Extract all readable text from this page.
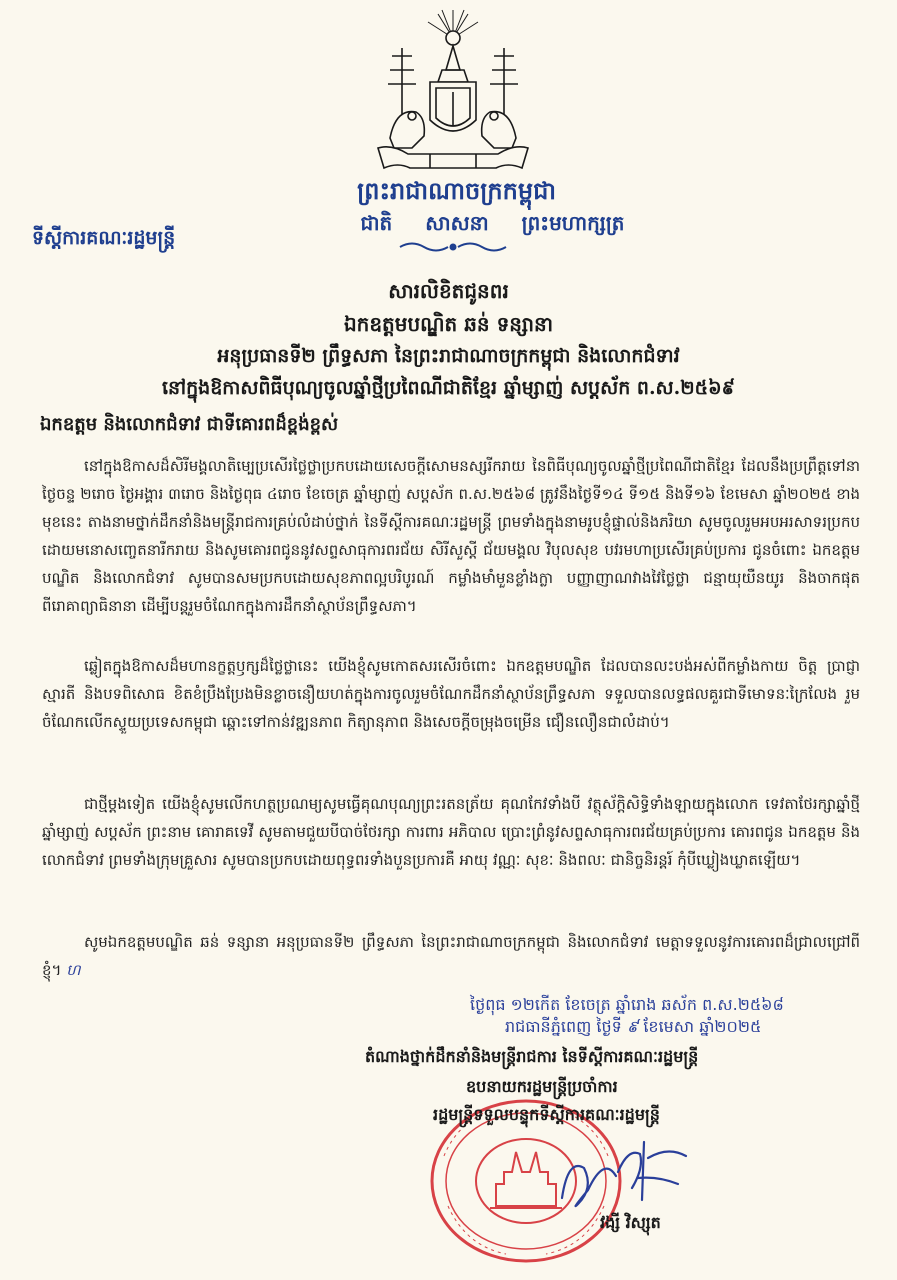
ព្រះរាជាណាចក្រកម្ពុជា
ជាតិ សាសនា ព្រះមហាក្សត្រ
ទីស្តីការគណៈរដ្ឋមន្ត្រី
សារលិខិតជូនពរ
ឯកឧត្តមបណ្ឌិត ឆន់ ទន្សានា
អនុប្រធានទី២ ព្រឹទ្ធសភា នៃព្រះរាជាណាចក្រកម្ពុជា និងលោកជំទាវ
នៅក្នុងឱកាសពិធីបុណ្យចូលឆ្នាំថ្មីប្រពៃណីជាតិខ្មែរ ឆ្នាំម្សាញ់ សប្តស័ក ព.ស.២៥៦៩
ឯកឧត្តម និងលោកជំទាវ ជាទីគោរពដ៏ខ្ពង់ខ្ពស់
នៅក្នុងឱកាសដ៏សិរីមង្គលាតិម្បេប្រសើរថ្លៃថ្លាប្រកបដោយសេចក្តីសោមនស្សរីករាយ នៃពិធីបុណ្យចូលឆ្នាំថ្មីប្រពៃណីជាតិខ្មែរ ដែលនឹងប្រព្រឹត្តទៅនាថ្ងៃចន្ទ ២រោច ថ្ងៃអង្គារ ៣រោច និងថ្ងៃពុធ ៤រោច ខែចេត្រ ឆ្នាំម្សាញ់ សប្តស័ក ព.ស.២៥៦៨ ត្រូវនឹងថ្ងៃទី១៤ ទី១៥ និងទី១៦ ខែមេសា ឆ្នាំ២០២៥ ខាងមុខនេះ តាងនាមថ្នាក់ដឹកនាំនិងមន្ត្រីរាជការគ្រប់លំដាប់ថ្នាក់ នៃទីស្តីការគណៈរដ្ឋមន្ត្រី ព្រមទាំងក្នុងនាមរូបខ្ញុំផ្ទាល់និងភរិយា សូមចូលរួមអបអរសាទរប្រកបដោយមនោសញ្ចេតនារីករាយ និងសូមគោរពជូននូវសព្ទសាធុការពរជ័យ សិរីសួស្តី ជ័យមង្គល វិបុលសុខ បវរមហាប្រសើរគ្រប់ប្រការ ជូនចំពោះ ឯកឧត្តមបណ្ឌិត និងលោកជំទាវ សូមបានសមប្រកបដោយសុខភាពល្អបរិបូរណ៍ កម្លាំងមាំមួនខ្លាំងក្លា បញ្ញាញាណវាងវៃថ្លៃថ្លា ជន្មាយុយឺនយូរ និងចាកផុតពីរោគាព្យាធិនានា ដើម្បីបន្តរួមចំណែកក្នុងការដឹកនាំស្ថាប័នព្រឹទ្ធសភា។
ឆ្លៀតក្នុងឱកាសដ៏មហានក្ខត្តឫក្សដ៏ថ្លៃថ្លានេះ យើងខ្ញុំសូមកោតសរសើរចំពោះ ឯកឧត្តមបណ្ឌិត ដែលបានលះបង់អស់ពីកម្លាំងកាយ ចិត្ត ប្រាជ្ញា ស្មារតី និងបទពិសោធ ខិតខំប្រឹងប្រែងមិនខ្លាចនឿយហត់ក្នុងការចូលរួមចំណែកដឹកនាំស្ថាប័នព្រឹទ្ធសភា ទទួលបានលទ្ធផលគួរជាទីមោទនៈក្រៃលែង រួមចំណែកលើកស្ទួយប្រទេសកម្ពុជា ឆ្ពោះទៅកាន់វឌ្ឍនភាព កិត្យានុភាព និងសេចក្តីចម្រុងចម្រើន ជឿនលឿនជាលំដាប់។
ជាថ្មីម្តងទៀត យើងខ្ញុំសូមលើកហត្ថប្រណម្យសូមធ្វើគុណបុណ្យព្រះរតនត្រ័យ គុណកែវទាំងបី វត្ថុស័ក្តិសិទ្ធិទាំងឡាយក្នុងលោក ទេវតាថែរក្សាឆ្នាំថ្មី ឆ្នាំម្សាញ់ សប្តស័ក ព្រះនាម គោរាគទេវី សូមតាមជួយបីបាច់ថែរក្សា ការពារ អភិបាល ប្រោះព្រំនូវសព្ទសាធុការពរជ័យគ្រប់ប្រការ គោរពជូន ឯកឧត្តម និងលោកជំទាវ ព្រមទាំងក្រុមគ្រួសារ សូមបានប្រកបដោយពុទ្ធពរទាំងបួនប្រការគឺ អាយុ វណ្ណៈ សុខៈ និងពលៈ ជានិច្ចនិរន្តរ៍ កុំបីឃ្លៀងឃ្លាតឡើយ។
សូមឯកឧត្តមបណ្ឌិត ឆន់ ទន្សានា អនុប្រធានទី២ ព្រឹទ្ធសភា នៃព្រះរាជាណាចក្រកម្ពុជា និងលោកជំទាវ មេត្តាទទួលនូវការគោរពដ៏ជ្រាលជ្រៅពីខ្ញុំ។ ហ
ថ្ងៃពុធ ១២កើត ខែចេត្រ ឆ្នាំរោង ឆស័ក ព.ស.២៥៦៨
រាជធានីភ្នំពេញ ថ្ងៃទី ៩ ខែមេសា ឆ្នាំ២០២៥
តំណាងថ្នាក់ដឹកនាំនិងមន្ត្រីរាជការ នៃទីស្តីការគណៈរដ្ឋមន្ត្រី
ឧបនាយករដ្ឋមន្ត្រីប្រចាំការ
រដ្ឋមន្ត្រីទទួលបន្ទុកទីស្តីការគណៈរដ្ឋមន្ត្រី
វង្សី វិស្សុត
